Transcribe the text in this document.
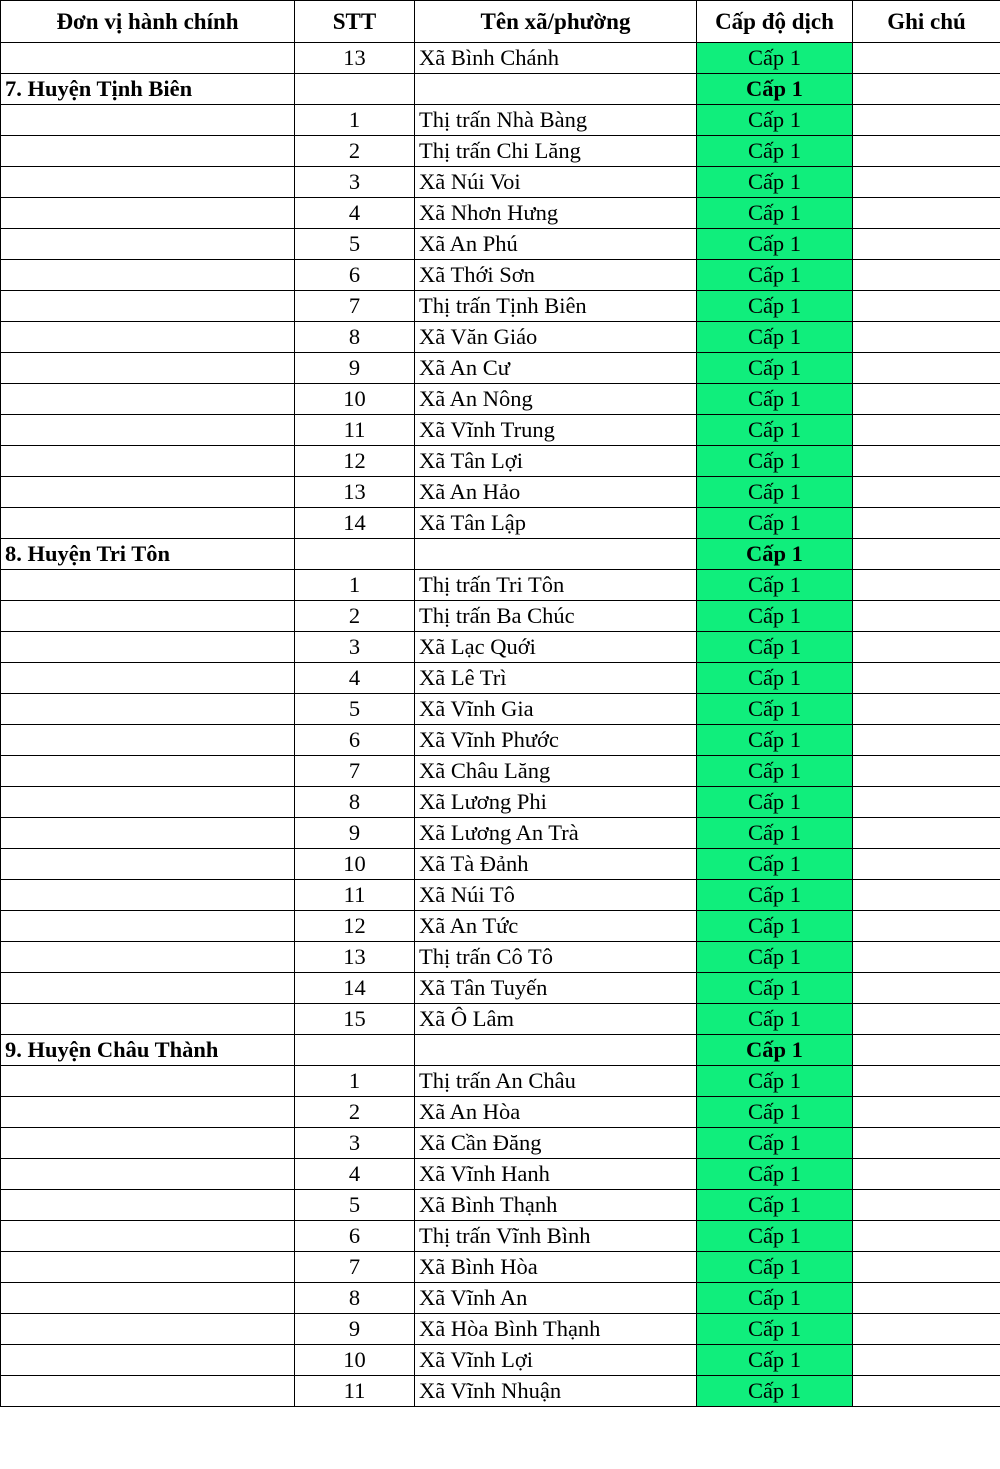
Đơn vị hành chính	STT	Tên xã/phường	Cấp độ dịch	Ghi chú
	13	Xã Bình Chánh	Cấp 1	
7. Huyện Tịnh Biên			Cấp 1	
	1	Thị trấn Nhà Bàng	Cấp 1	
	2	Thị trấn Chi Lăng	Cấp 1	
	3	Xã Núi Voi	Cấp 1	
	4	Xã Nhơn Hưng	Cấp 1	
	5	Xã An Phú	Cấp 1	
	6	Xã Thới Sơn	Cấp 1	
	7	Thị trấn Tịnh Biên	Cấp 1	
	8	Xã Văn Giáo	Cấp 1	
	9	Xã An Cư	Cấp 1	
	10	Xã An Nông	Cấp 1	
	11	Xã Vĩnh Trung	Cấp 1	
	12	Xã Tân Lợi	Cấp 1	
	13	Xã An Hảo	Cấp 1	
	14	Xã Tân Lập	Cấp 1	
8. Huyện Tri Tôn			Cấp 1	
	1	Thị trấn Tri Tôn	Cấp 1	
	2	Thị trấn Ba Chúc	Cấp 1	
	3	Xã Lạc Quới	Cấp 1	
	4	Xã Lê Trì	Cấp 1	
	5	Xã Vĩnh Gia	Cấp 1	
	6	Xã Vĩnh Phước	Cấp 1	
	7	Xã Châu Lăng	Cấp 1	
	8	Xã Lương Phi	Cấp 1	
	9	Xã Lương An Trà	Cấp 1	
	10	Xã Tà Đảnh	Cấp 1	
	11	Xã Núi Tô	Cấp 1	
	12	Xã An Tức	Cấp 1	
	13	Thị trấn Cô Tô	Cấp 1	
	14	Xã Tân Tuyến	Cấp 1	
	15	Xã Ô Lâm	Cấp 1	
9. Huyện Châu Thành			Cấp 1	
	1	Thị trấn An Châu	Cấp 1	
	2	Xã An Hòa	Cấp 1	
	3	Xã Cần Đăng	Cấp 1	
	4	Xã Vĩnh Hanh	Cấp 1	
	5	Xã Bình Thạnh	Cấp 1	
	6	Thị trấn Vĩnh Bình	Cấp 1	
	7	Xã Bình Hòa	Cấp 1	
	8	Xã Vĩnh An	Cấp 1	
	9	Xã Hòa Bình Thạnh	Cấp 1	
	10	Xã Vĩnh Lợi	Cấp 1	
	11	Xã Vĩnh Nhuận	Cấp 1	
